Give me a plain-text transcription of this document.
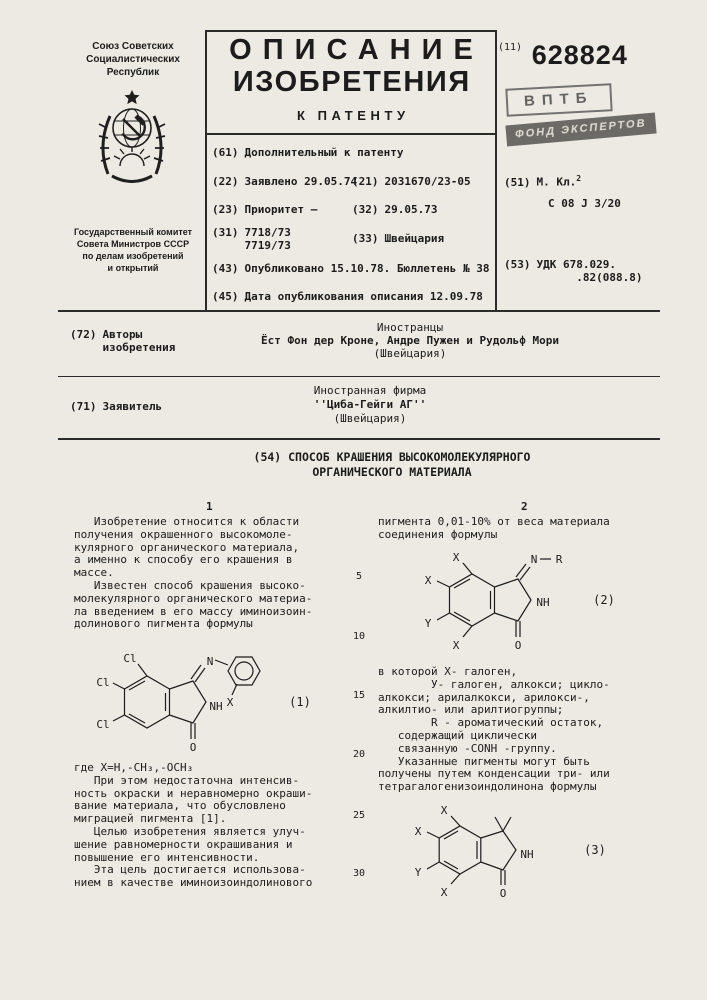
Союз Советских
Социалистических
Республик
Государственный комитет
Совета Министров СССР
по делам изобретений
и открытий
ОПИСАНИЕ
ИЗОБРЕТЕНИЯ
К ПАТЕНТУ
$^{(11)}$ 628824
ВПТБ
ФОНД ЭКСПЕРТОВ
(61) Дополнительный к патенту
(22) Заявлено 29.05.74
(21) 2031670/23-05
(23) Приоритет –	(32) 29.05.73
(31) 7718/73
7719/73
(33) Швейцария
(43) Опубликовано 15.10.78. Бюллетень № 38
(45) Дата опубликования описания 12.09.78
(51) М. Кл.$^2$
C 08 J 3/20
(53) УДК 678.029.
.82(088.8)
(72) Авторы
изобретения
Иностранцы
Ёст Фон дер Кроне, Андре Пужен и Рудольф Мори
(Швейцария)
(71) Заявитель
Иностранная фирма
''Циба-Гейги АГ''
(Швейцария)
(54) СПОСОБ КРАШЕНИЯ ВЫСОКОМОЛЕКУЛЯРНОГО
ОРГАНИЧЕСКОГО МАТЕРИАЛА
1	2
5
10
15
20
25
30
Изобретение относится к области
получения окрашенного высокомоле-
кулярного органического материала,
а именно к способу его крашения в
массе.
Известен способ крашения высоко-
молекулярного органического материа-
ла введением в его массу иминоизоин-
долинового пигмента формулы
Cl
Cl
Cl
N
X
NH
O
(1)
где X=H,-CH₃,-OCH₃
При этом недостаточна интенсив-
ность окраски и неравномерно окраши-
вание материала, что обусловлено
миграцией пигмента [1].
Целью изобретения является улуч-
шение равномерности окрашивания и
повышение его интенсивности.
Эта цель достигается использова-
нием в качестве иминоизоиндолинового
пигмента 0,01-10% от веса материала
соединения формулы
X
X
Y
X
N R
NH
O
(2)
в которой X- галоген,
У- галоген, алкокси; цикло-
алкокси; арилалкокси, арилокси-,
алкилтио- или арилтиогруппы;
R - ароматический остаток,
содержащий циклически
связанную -CONH -группу.
Указанные пигменты могут быть
получены путем конденсации три- или
тетрагалогенизоиндолинона формулы
X
X
Y
X
NH
O
(3)
